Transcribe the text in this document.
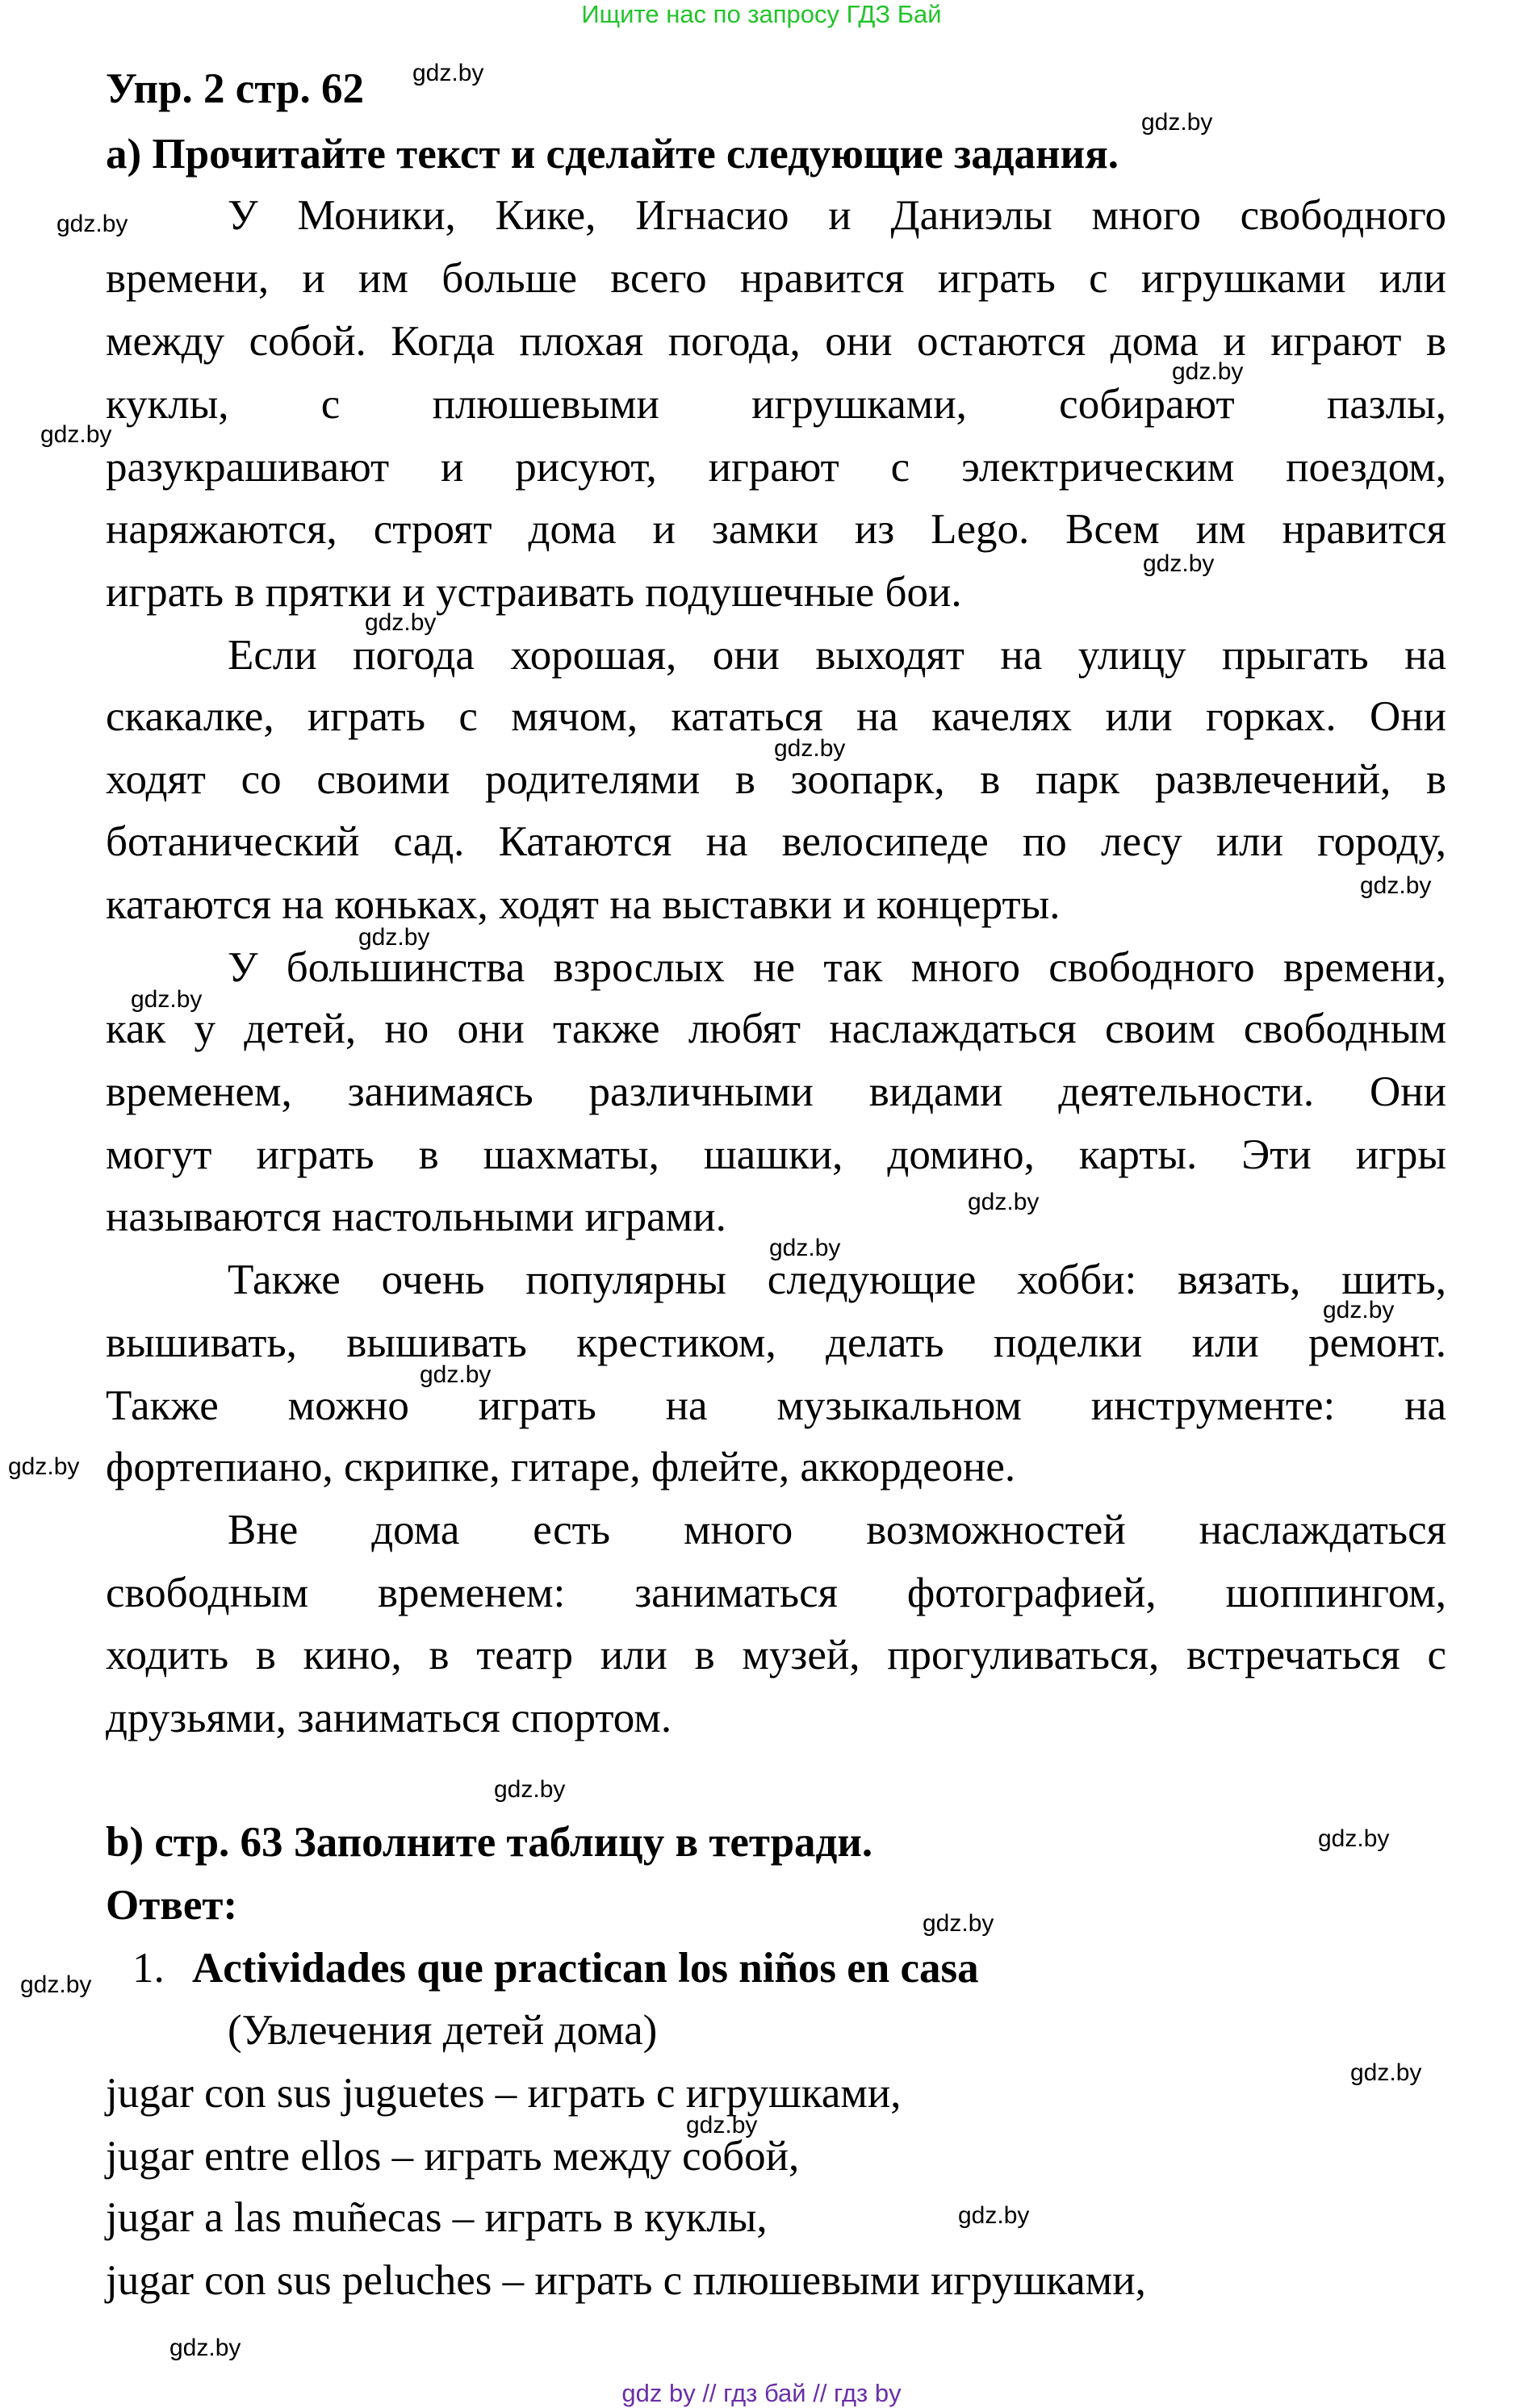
Ищите нас по запросу ГДЗ Бай
Упр. 2 стр. 62
а) Прочитайте текст и сделайте следующие задания.
У Моники, Кике, Игнасио и Даниэлы много свободного
времени, и им больше всего нравится играть с игрушками или
между собой. Когда плохая погода, они остаются дома и играют в
куклы, с плюшевыми игрушками, собирают пазлы,
разукрашивают и рисуют, играют с электрическим поездом,
наряжаются, строят дома и замки из Lego. Всем им нравится
играть в прятки и устраивать подушечные бои.
Если погода хорошая, они выходят на улицу прыгать на
скакалке, играть с мячом, кататься на качелях или горках. Они
ходят со своими родителями в зоопарк, в парк развлечений, в
ботанический сад. Катаются на велосипеде по лесу или городу,
катаются на коньках, ходят на выставки и концерты.
У большинства взрослых не так много свободного времени,
как у детей, но они также любят наслаждаться своим свободным
временем, занимаясь различными видами деятельности. Они
могут играть в шахматы, шашки, домино, карты. Эти игры
называются настольными играми.
Также очень популярны следующие хобби: вязать, шить,
вышивать, вышивать крестиком, делать поделки или ремонт.
Также можно играть на музыкальном инструменте: на
фортепиано, скрипке, гитаре, флейте, аккордеоне.
Вне дома есть много возможностей наслаждаться
свободным временем: заниматься фотографией, шоппингом,
ходить в кино, в театр или в музей, прогуливаться, встречаться с
друзьями, заниматься спортом.
b) стр. 63 Заполните таблицу в тетради.
Ответ:
1. Actividades que practican los niños en casa
(Увлечения детей дома)
jugar con sus juguetes – играть с игрушками,
jugar entre ellos – играть между собой,
jugar a las muñecas – играть в куклы,
jugar con sus peluches – играть с плюшевыми игрушками,
gdz.by
gdz.by
gdz.by
gdz.by
gdz.by
gdz.by
gdz.by
gdz.by
gdz.by
gdz.by
gdz.by
gdz.by
gdz.by
gdz.by
gdz.by
gdz.by
gdz.by
gdz.by
gdz.by
gdz.by
gdz.by
gdz.by
gdz.by
gdz.by
gdz by // гдз бай // гдз by
